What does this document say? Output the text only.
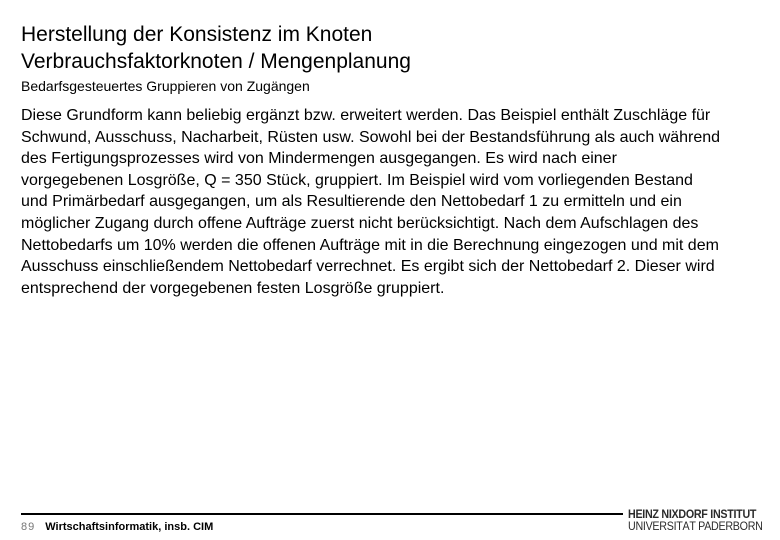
Herstellung der Konsistenz im Knoten
Verbrauchsfaktorknoten / Mengenplanung

Bedarfsgesteuertes Gruppieren von Zugängen

Diese Grundform kann beliebig ergänzt bzw. erweitert werden. Das Beispiel enthält Zuschläge für Schwund, Ausschuss, Nacharbeit, Rüsten usw. Sowohl bei der Bestandsführung als auch während des Fertigungsprozesses wird von Mindermengen ausgegangen. Es wird nach einer vorgegebenen Losgröße, Q = 350 Stück, gruppiert. Im Beispiel wird vom vorliegenden Bestand und Primärbedarf ausgegangen, um als Resultierende den Nettobedarf 1 zu ermitteln und ein möglicher Zugang durch offene Aufträge zuerst nicht berücksichtigt. Nach dem Aufschlagen des Nettobedarfs um 10% werden die offenen Aufträge mit in die Berechnung eingezogen und mit dem Ausschuss einschließendem Nettobedarf verrechnet. Es ergibt sich der Nettobedarf 2. Dieser wird entsprechend der vorgegebenen festen Losgröße gruppiert.

89 Wirtschaftsinformatik, insb. CIM
HEINZ NIXDORF INSTITUT
UNIVERSITÄT PADERBORN
